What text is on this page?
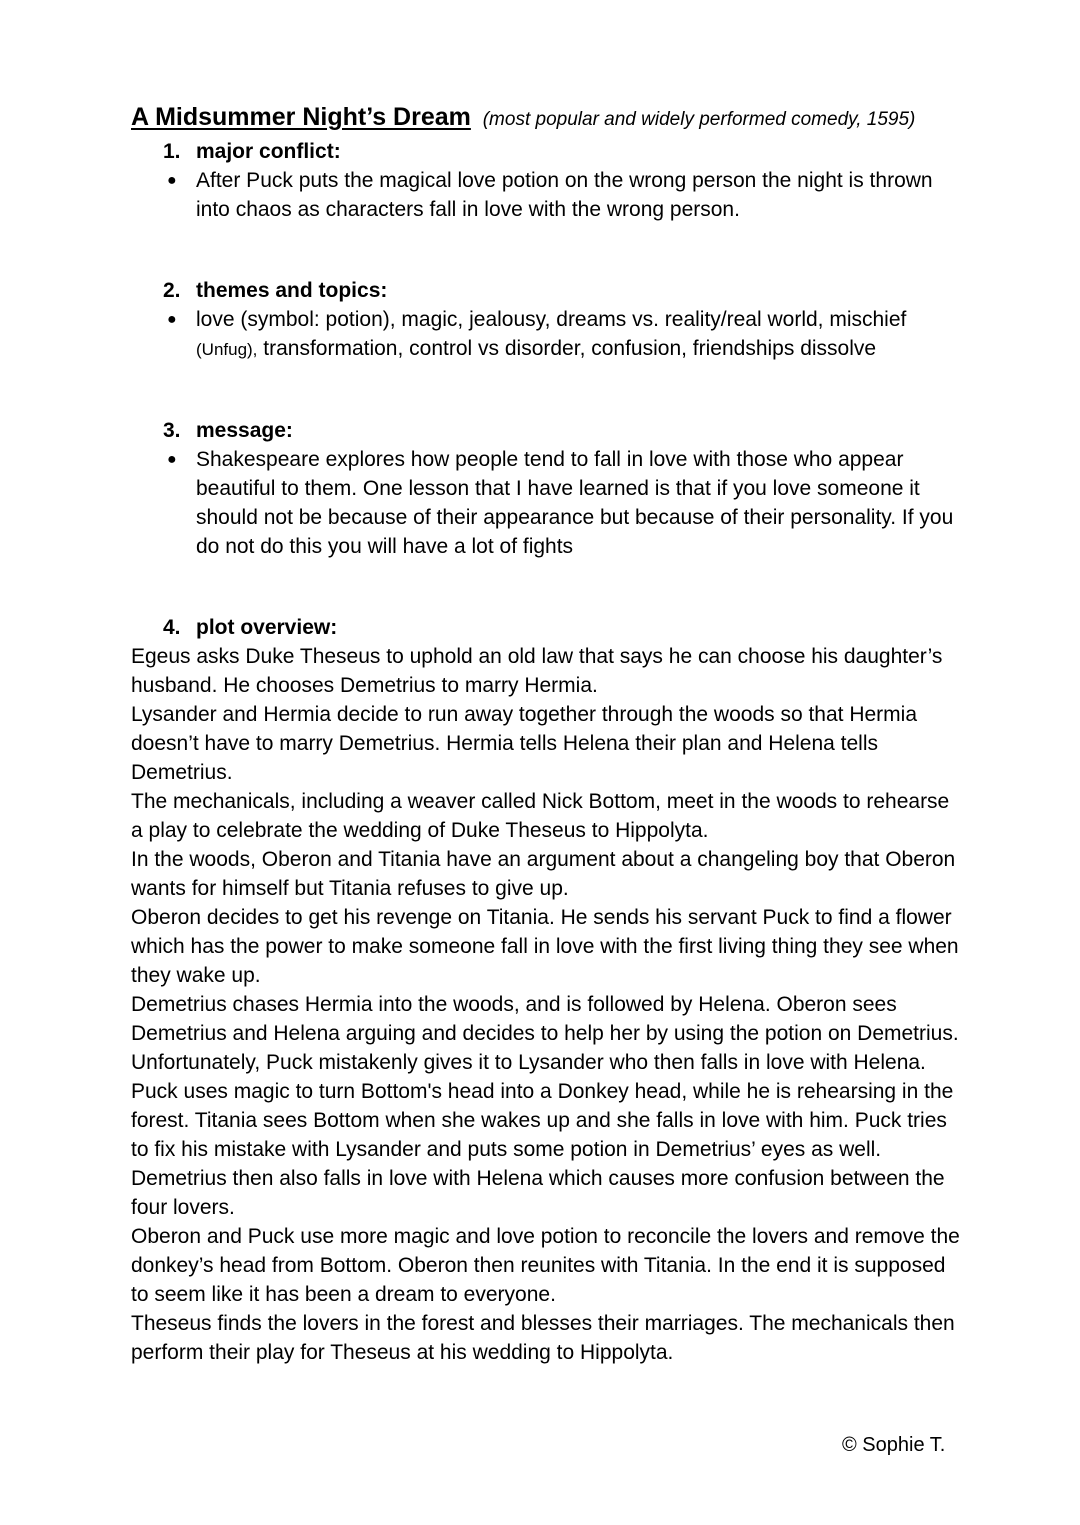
A Midsummer Night’s Dream (most popular and widely performed comedy, 1595)

1. major conflict:
● After Puck puts the magical love potion on the wrong person the night is thrown into chaos as characters fall in love with the wrong person.
2. themes and topics:
● love (symbol: potion), magic, jealousy, dreams vs. reality/real world, mischief (Unfug), transformation, control vs disorder, confusion, friendships dissolve
3. message:
● Shakespeare explores how people tend to fall in love with those who appear beautiful to them. One lesson that I have learned is that if you love someone it should not be because of their appearance but because of their personality. If you do not do this you will have a lot of fights
4. plot overview:

Egeus asks Duke Theseus to uphold an old law that says he can choose his daughter’s husband. He chooses Demetrius to marry Hermia.

Lysander and Hermia decide to run away together through the woods so that Hermia doesn’t have to marry Demetrius. Hermia tells Helena their plan and Helena tells Demetrius.

The mechanicals, including a weaver called Nick Bottom, meet in the woods to rehearse a play to celebrate the wedding of Duke Theseus to Hippolyta.

In the woods, Oberon and Titania have an argument about a changeling boy that Oberon wants for himself but Titania refuses to give up.

Oberon decides to get his revenge on Titania. He sends his servant Puck to find a flower which has the power to make someone fall in love with the first living thing they see when they wake up.

Demetrius chases Hermia into the woods, and is followed by Helena. Oberon sees Demetrius and Helena arguing and decides to help her by using the potion on Demetrius. Unfortunately, Puck mistakenly gives it to Lysander who then falls in love with Helena.

Puck uses magic to turn Bottom's head into a Donkey head, while he is rehearsing in the forest. Titania sees Bottom when she wakes up and she falls in love with him. Puck tries to fix his mistake with Lysander and puts some potion in Demetrius’ eyes as well. Demetrius then also falls in love with Helena which causes more confusion between the four lovers.

Oberon and Puck use more magic and love potion to reconcile the lovers and remove the donkey’s head from Bottom. Oberon then reunites with Titania. In the end it is supposed to seem like it has been a dream to everyone.

Theseus finds the lovers in the forest and blesses their marriages. The mechanicals then perform their play for Theseus at his wedding to Hippolyta.

© Sophie T.
